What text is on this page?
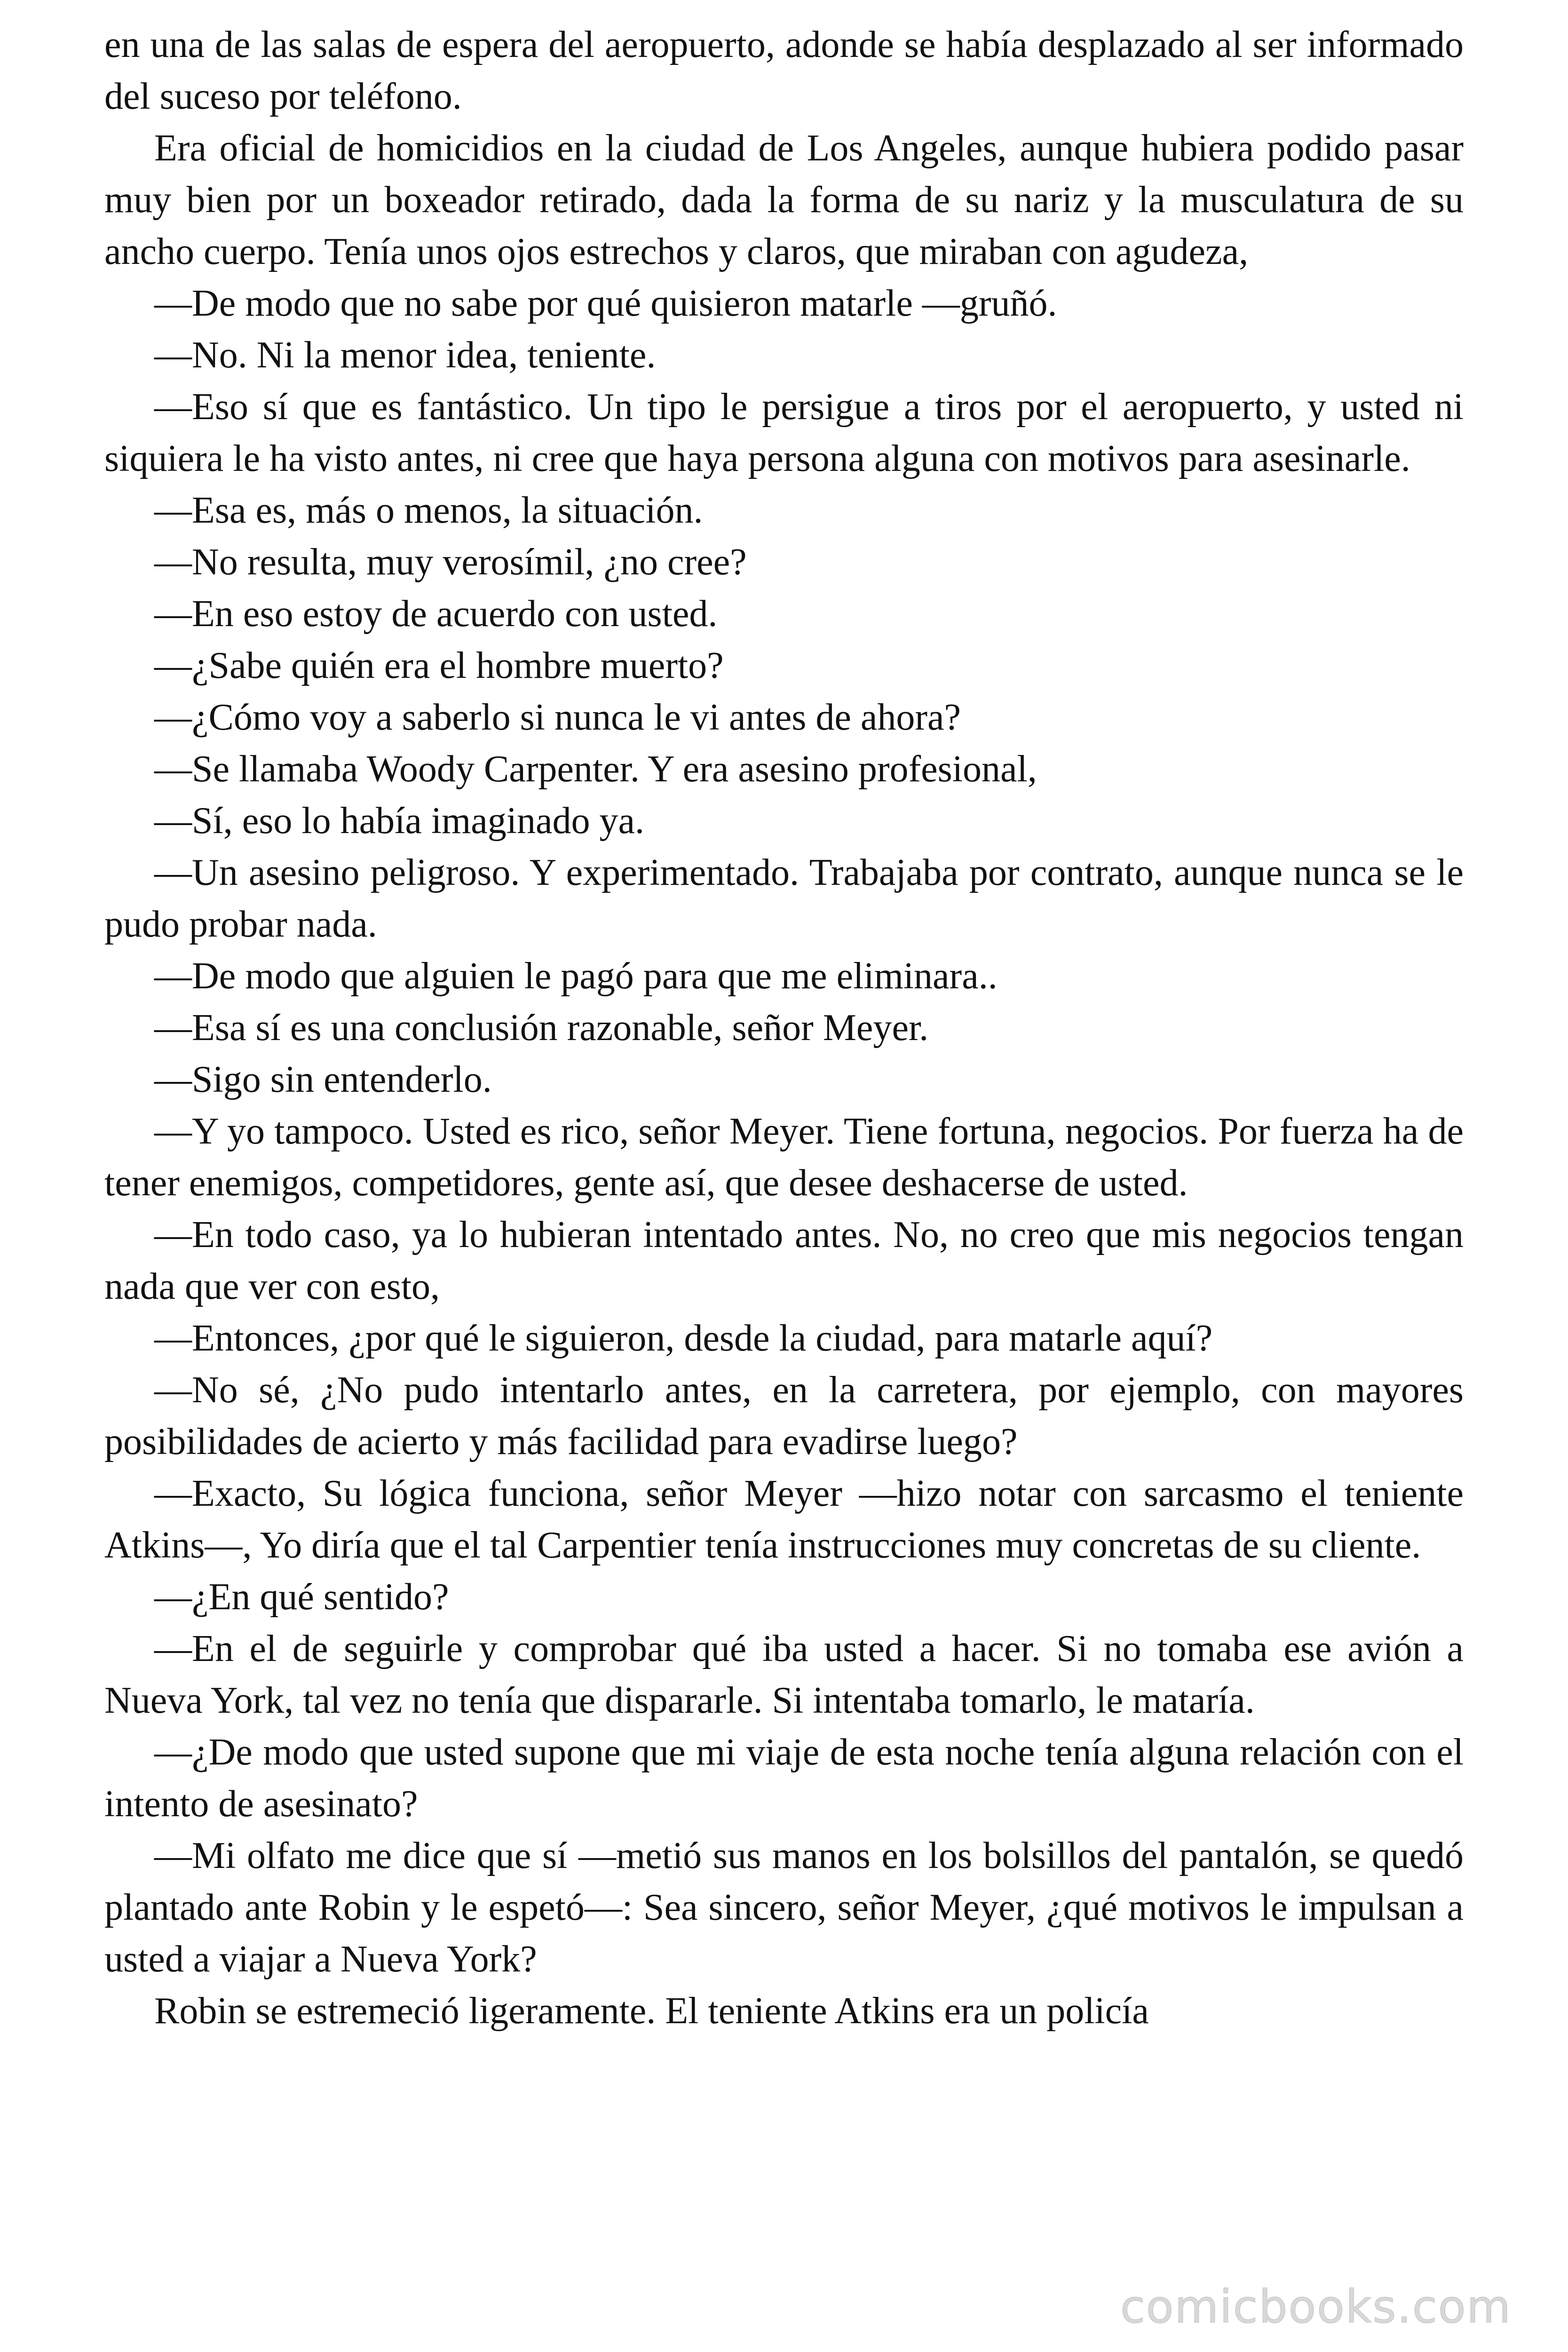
en una de las salas de espera del aeropuerto, adonde se había desplazado al ser informado del suceso por teléfono.

Era oficial de homicidios en la ciudad de Los Angeles, aunque hubiera podido pasar muy bien por un boxeador retirado, dada la forma de su nariz y la musculatura de su ancho cuerpo. Tenía unos ojos estrechos y claros, que miraban con agudeza,

—De modo que no sabe por qué quisieron matarle —gruñó.

—No. Ni la menor idea, teniente.

—Eso sí que es fantástico. Un tipo le persigue a tiros por el aeropuerto, y usted ni siquiera le ha visto antes, ni cree que haya persona alguna con motivos para asesinarle.

—Esa es, más o menos, la situación.

—No resulta, muy verosímil, ¿no cree?

—En eso estoy de acuerdo con usted.

—¿Sabe quién era el hombre muerto?

—¿Cómo voy a saberlo si nunca le vi antes de ahora?

—Se llamaba Woody Carpenter. Y era asesino profesional,

—Sí, eso lo había imaginado ya.

—Un asesino peligroso. Y experimentado. Trabajaba por contrato, aunque nunca se le pudo probar nada.

—De modo que alguien le pagó para que me eliminara..

—Esa sí es una conclusión razonable, señor Meyer.

—Sigo sin entenderlo.

—Y yo tampoco. Usted es rico, señor Meyer. Tiene fortuna, negocios. Por fuerza ha de tener enemigos, competidores, gente así, que desee deshacerse de usted.

—En todo caso, ya lo hubieran intentado antes. No, no creo que mis negocios tengan nada que ver con esto,

—Entonces, ¿por qué le siguieron, desde la ciudad, para matarle aquí?

—No sé, ¿No pudo intentarlo antes, en la carretera, por ejemplo, con mayores posibilidades de acierto y más facilidad para evadirse luego?

—Exacto, Su lógica funciona, señor Meyer —hizo notar con sarcasmo el teniente Atkins—, Yo diría que el tal Carpentier tenía instrucciones muy concretas de su cliente.

—¿En qué sentido?

—En el de seguirle y comprobar qué iba usted a hacer. Si no tomaba ese avión a Nueva York, tal vez no tenía que dispararle. Si intentaba tomarlo, le mataría.

—¿De modo que usted supone que mi viaje de esta noche tenía alguna relación con el intento de asesinato?

—Mi olfato me dice que sí —metió sus manos en los bolsillos del pantalón, se quedó plantado ante Robin y le espetó—: Sea sincero, señor Meyer, ¿qué motivos le impulsan a usted a viajar a Nueva York?

Robin se estremeció ligeramente. El teniente Atkins era un policía

comicbooks.com
